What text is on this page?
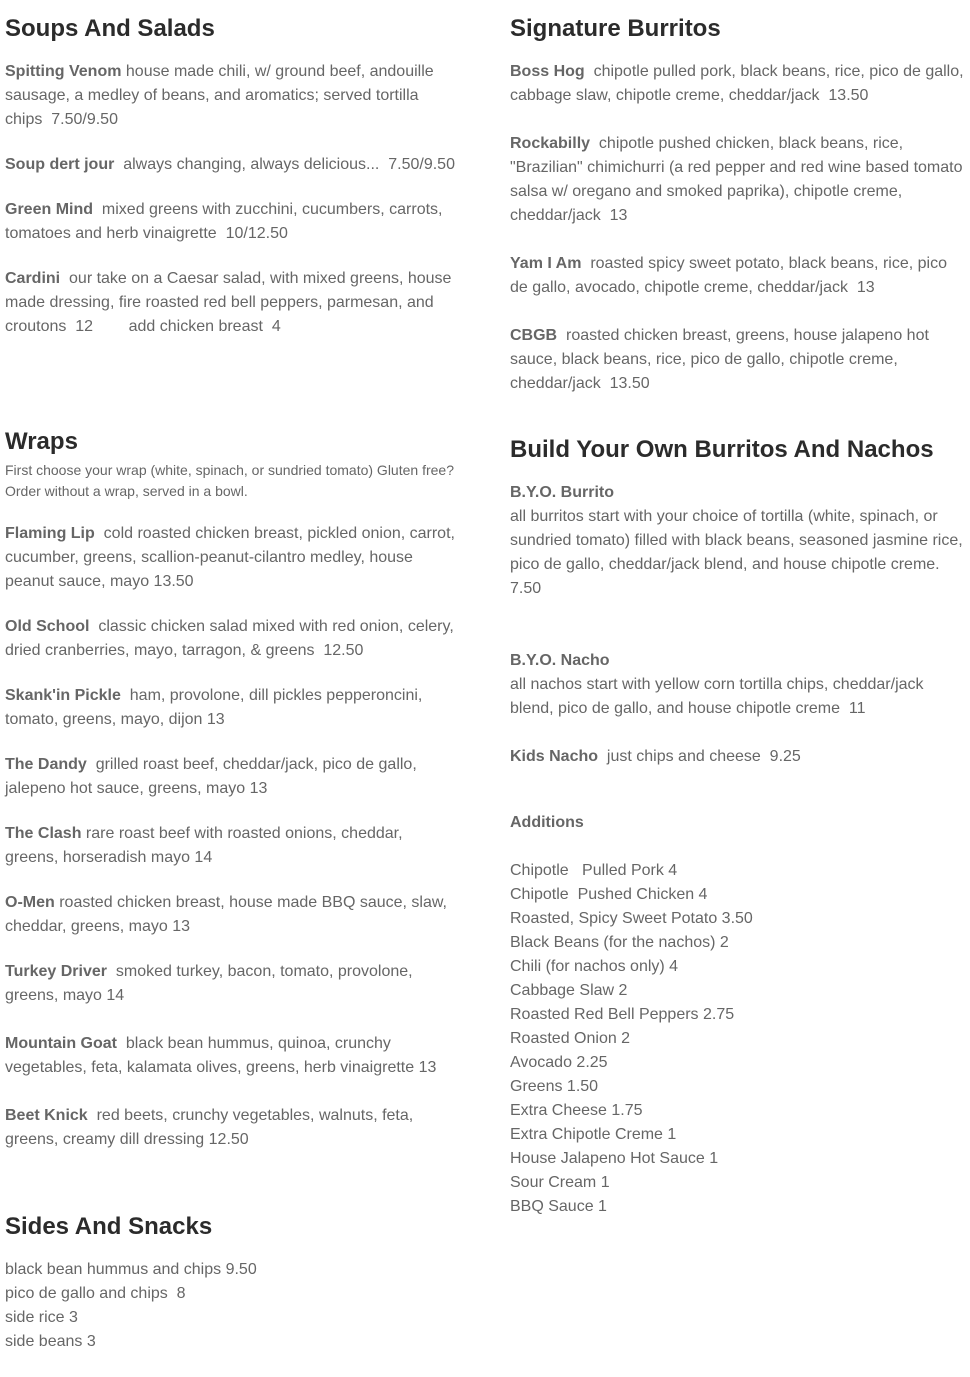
Soups And Salads
Spitting Venom house made chili, w/ ground beef, andouille sausage, a medley of beans, and aromatics; served tortilla chips  7.50/9.50
Soup dert jour  always changing, always delicious...  7.50/9.50
Green Mind  mixed greens with zucchini, cucumbers, carrots, tomatoes and herb vinaigrette  10/12.50
Cardini  our take on a Caesar salad, with mixed greens, house made dressing, fire roasted red bell peppers, parmesan, and croutons  12        add chicken breast  4
Wraps
First choose your wrap (white, spinach, or sundried tomato) Gluten free? Order without a wrap, served in a bowl.
Flaming Lip  cold roasted chicken breast, pickled onion, carrot, cucumber, greens, scallion-peanut-cilantro medley, house peanut sauce, mayo 13.50
Old School  classic chicken salad mixed with red onion, celery, dried cranberries, mayo, tarragon, & greens  12.50
Skank'in Pickle  ham, provolone, dill pickles pepperoncini, tomato, greens, mayo, dijon 13
The Dandy  grilled roast beef, cheddar/jack, pico de gallo, jalepeno hot sauce, greens, mayo 13
The Clash rare roast beef with roasted onions, cheddar, greens, horseradish mayo 14
O-Men roasted chicken breast, house made BBQ sauce, slaw, cheddar, greens, mayo 13
Turkey Driver  smoked turkey, bacon, tomato, provolone, greens, mayo 14
Mountain Goat  black bean hummus, quinoa, crunchy vegetables, feta, kalamata olives, greens, herb vinaigrette 13
Beet Knick  red beets, crunchy vegetables, walnuts, feta, greens, creamy dill dressing 12.50
Sides And Snacks
black bean hummus and chips 9.50
pico de gallo and chips  8
side rice 3
side beans 3
Signature Burritos
Boss Hog  chipotle pulled pork, black beans, rice, pico de gallo, cabbage slaw, chipotle creme, cheddar/jack  13.50
Rockabilly  chipotle pushed chicken, black beans, rice,  "Brazilian" chimichurri (a red pepper and red wine based tomato salsa w/ oregano and smoked paprika), chipotle creme, cheddar/jack  13
Yam I Am  roasted spicy sweet potato, black beans, rice, pico de gallo, avocado, chipotle creme, cheddar/jack  13
CBGB  roasted chicken breast, greens, house jalapeno hot sauce, black beans, rice, pico de gallo, chipotle creme, cheddar/jack  13.50
Build Your Own Burritos And Nachos
B.Y.O. Burrito
all burritos start with your choice of tortilla (white, spinach, or sundried tomato) filled with black beans, seasoned jasmine rice, pico de gallo, cheddar/jack blend, and house chipotle creme. 7.50
B.Y.O. Nacho
all nachos start with yellow corn tortilla chips, cheddar/jack blend, pico de gallo, and house chipotle creme  11
Kids Nacho  just chips and cheese  9.25
Additions
Chipotle   Pulled Pork 4
Chipotle  Pushed Chicken 4
Roasted, Spicy Sweet Potato 3.50
Black Beans (for the nachos) 2
Chili (for nachos only) 4
Cabbage Slaw 2
Roasted Red Bell Peppers 2.75
Roasted Onion 2
Avocado 2.25
Greens 1.50
Extra Cheese 1.75
Extra Chipotle Creme 1
House Jalapeno Hot Sauce 1
Sour Cream 1
BBQ Sauce 1
